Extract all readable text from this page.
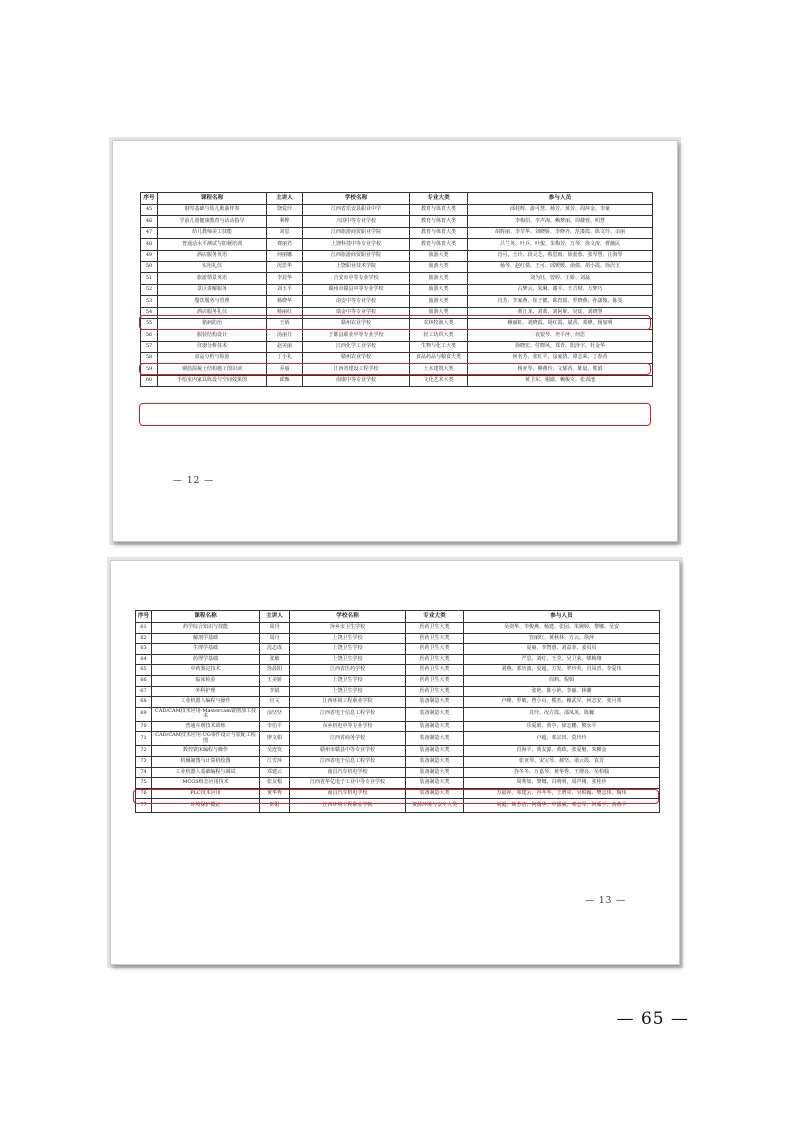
序号	课程名称	主讲人	学校名称	专业大类	参与人员
45	钢琴基础与幼儿歌曲伴奏	饶爱玲	江西省乐安县职业中学	教育与体育大类	邱桂辉、游可慧、杨芳、黄芳、周萍金、李童
46	学前儿童健康教育与活动指导	利桦	兴国中等专业学校	教育与体育大类	李梅招、李声海、赖梦丽、周楼蓉、明慧
47	幼儿教师美工技能	刘思	江西旅游商贸职业学院	教育与体育大类	胡辉丽、李莘华、刘晓娇、李修齐、范漆霞、陈文玲、余丽
48	普通话水平测试与防梗培训	费丽君	上饶科技中等专业学校	教育与体育大类	吕兰英、叶兵、叶俊、朱梅芳、万琴、徐文涛、曹薇民
49	酒店服务英语	何丽娜	江西旅游商贸职业学院	旅游大类	肖可、王玲、段灵芝、蔡思雨、徐劲蓉、张琴慧、汪海琴
50	实用礼仪	况思华	上饶职业技术学院	旅游大类	杨琴、赵红倩、王可、邱媛媛、俞倩、胡小霞、徐沢玉
51	旅游情景英语	李封华	吉安市中等专业学校	旅游大类	刘为钰、曾婷、王娇、刘磊
52	景区讲解服务	刘玉平	赣州市赣县中等专业学校	旅游大类	占梦云、朱琳、谢平、王吉财、万梦巧
53	餐饮服务与管理	杨晓华	南安中等专业学校	旅游大类	肖芳、李家燕、崔子健、邱育瑶、罗晓燕、孙潇俊、陈雯
54	酒店服务礼仪	杨丽红	瑞金中等专业学校	旅游大类	黄江龙、刘蓝、刘阿妮、吴瑶、刘晓慧
55	猪病防治	王炳	赣州农业学校	农林牧渔大类	赖丽虹、刘晓霞、胡红霞、斌香、邓峰、杨加明
56	服装结构设计	汤丽芬	于都县职业中等专业学校	轻工纺织大类	袁银琴、尧平萍、何思
57	仪器分析技术	赵美丽	江西化学工业学校	生物与化工大类	徐晓宏、付晓风、郑青、阳泽宇、杜金华
58	食品分析与检验	丁小礼	赣州农业学校	食品药品与粮食大类	何名芳、张红平、涂家清、谭志荣、丁春香
59	钢筋混凝土结构施工图识读	乔丽	江西省建设工程学校	土木建筑大类	杨亚琴、柳燕玲、文郁香、陈晨、熊娟
60	手绘室内家具陈设与空间效果图	邱甄	南康中等专业学校	文化艺术大类	黄卫东、谢澈、赖俊文、张训池
— 12 —
序号	课程名称	主讲人	学校名称	专业大类	参与人员
61	药学综合知识与技能	周丹	萍乡市卫生学校	医药卫生大类	吴剑华、李俊燕、杨建、张园、朱婉婷、黎娜、吴安
62	解剖学基础	周丹	上饶卫生学校	医药卫生大类	管丽红、黄秋林、方云、徐萍
63	生理学基础	沈志成	上饶卫生学校	医药卫生大类	夏丽、李智惠、刘益菲、姜贝贝
64	药理学基础	张敏	上饶卫生学校	医药卫生大类	严思、刘红、王莹、吴卫荣、缪梅翔
65	中药鉴定技术	徐晨阳	江西省医药学校	医药卫生大类	刘燕、郭历波、夏超、方发、罗玲英、肖凤青、李爱伟
66	临床检验	王美娇	上饶卫生学校	医药卫生大类	周莉、倪娟
67	外科护理	李娟	上饶卫生学校	医药卫生大类	张艳、陈小艳、李丽、林潮
68	工业机器人编程与操作	官文	江西环境工程职业学院	装备制造大类	卢峰、罗敏、曾小山、熊杰、赖武军、何志安、张月邦
69	CAD/CAM技术应用-Mastercam铣削加工技术	涂坚坚	江西省电子信息工程学校	装备制造大类	肖玲、况方霞、邵凤英、陈巍
70	普通车削技术训练	李伯平	东乡机电中等专业学校	装备制造大类	乐爱娟、黄亭、徐志鹏、熊永平
71	CAD/CAM技术应用-UG零件设计与装配工程图	廖文娟	江西省商务学校	装备制造大类	卢超、邓宗田、莫玲玲
72	数控铣床编程与操作	吴连发	赣州市赣县中等专业学校	装备制造大类	肖海平、黄友源、黄政、张爱魁、朱柳金
73	机械制图与计算机绘图	江雪萍	江西省电子信息工程学校	装备制造大类	张亚琴、宋宝琴、郝坚、诸云霞、袁芳
74	工业机器人基础编程与调试	邓建云	南昌汽车机电学校	装备制造大类	谷冬冬、万嘉琴、黄华秀、王增亮、吴柏翰
75	MCGS组态应用技术	张友根	江西省华亿电子工业中等专业学校	装备制造大类	周秀如、黎娜、冯明明、周声刚、张桂珍
76	PLC技术应用	黄华秀	南昌汽车机电学校	装备制造大类	万嘉萍、邓建云、谷冬冬、王增亮、吴柏翰、樊志伟、陶伟
77	环境保护概论	彭阳	江西环境工程职业学院	资源环境与安全大类	胡毅、胡芳洁、柯瑞华、申露威、邓志琴、何雁平、黄燕平
— 13 —
— 65 —
